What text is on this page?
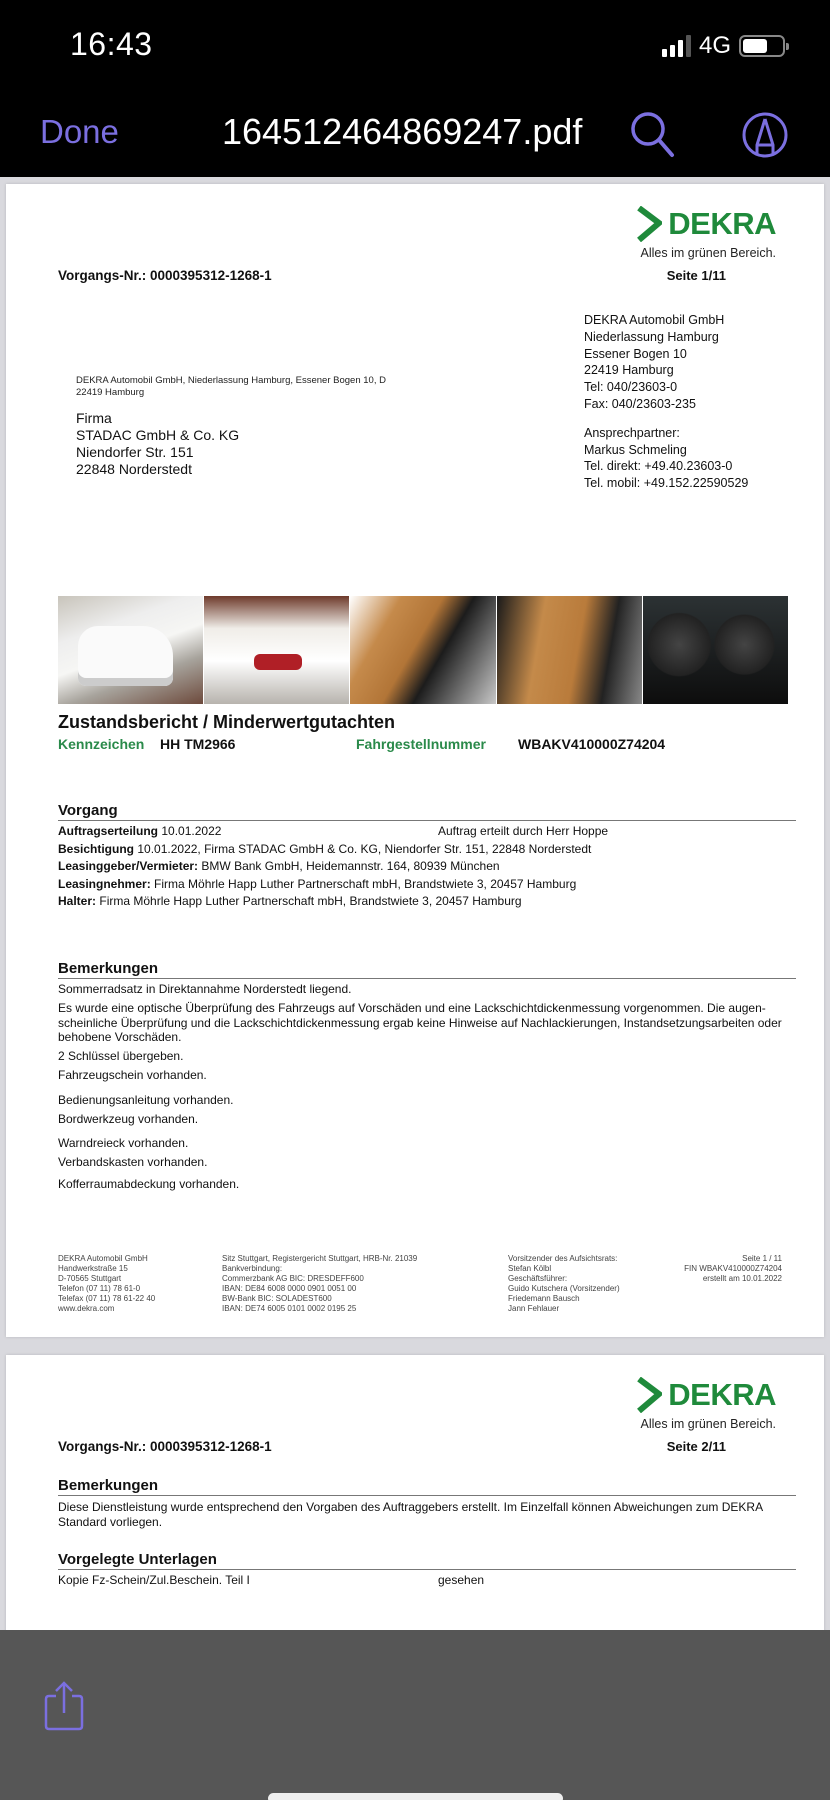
16:43	4G
Done	164512464869247.pdf
DEKRA
Alles im grünen Bereich.
Vorgangs-Nr.: 0000395312-1268-1	Seite 1/11
DEKRA Automobil GmbH
Niederlassung Hamburg
Essener Bogen 10
22419 Hamburg
Tel: 040/23603-0
Fax: 040/23603-235
Ansprechpartner:
Markus Schmeling
Tel. direkt: +49.40.23603-0
Tel. mobil: +49.152.22590529
DEKRA Automobil GmbH, Niederlassung Hamburg, Essener Bogen 10, D 22419 Hamburg
Firma
STADAC GmbH & Co. KG
Niendorfer Str. 151
22848 Norderstedt
Zustandsbericht / Minderwertgutachten
Kennzeichen HH TM2966	Fahrgestellnummer WBAKV410000Z74204
Vorgang
Auftragserteilung 10.01.2022	Auftrag erteilt durch Herr Hoppe
Besichtigung 10.01.2022, Firma STADAC GmbH & Co. KG, Niendorfer Str. 151, 22848 Norderstedt
Leasinggeber/Vermieter: BMW Bank GmbH, Heidemannstr. 164, 80939 München
Leasingnehmer: Firma Möhrle Happ Luther Partnerschaft mbH, Brandstwiete 3, 20457 Hamburg
Halter: Firma Möhrle Happ Luther Partnerschaft mbH, Brandstwiete 3, 20457 Hamburg
Bemerkungen
Sommerradsatz in Direktannahme Norderstedt liegend.
Es wurde eine optische Überprüfung des Fahrzeugs auf Vorschäden und eine Lackschichtdickenmessung vorgenommen. Die augen-scheinliche Überprüfung und die Lackschichtdickenmessung ergab keine Hinweise auf Nachlackierungen, Instandsetzungsarbeiten oder behobene Vorschäden.
2 Schlüssel übergeben.
Fahrzeugschein vorhanden.
Bedienungsanleitung vorhanden.
Bordwerkzeug vorhanden.
Warndreieck vorhanden.
Verbandskasten vorhanden.
Kofferraumabdeckung vorhanden.
DEKRA Automobil GmbH
Handwerkstraße 15
D-70565 Stuttgart
Telefon (07 11) 78 61-0
Telefax (07 11) 78 61-22 40
www.dekra.com
Sitz Stuttgart, Registergericht Stuttgart, HRB-Nr. 21039
Bankverbindung:
Commerzbank AG BIC: DRESDEFF600
IBAN: DE84 6008 0000 0901 0051 00
BW-Bank BIC: SOLADEST600
IBAN: DE74 6005 0101 0002 0195 25
Vorsitzender des Aufsichtsrats:
Stefan Kölbl
Geschäftsführer:
Guido Kutschera (Vorsitzender)
Friedemann Bausch
Jann Fehlauer
Seite 1 / 11
FIN WBAKV410000Z74204
erstellt am 10.01.2022
DEKRA
Alles im grünen Bereich.
Vorgangs-Nr.: 0000395312-1268-1	Seite 2/11
Bemerkungen
Diese Dienstleistung wurde entsprechend den Vorgaben des Auftraggebers erstellt. Im Einzelfall können Abweichungen zum DEKRA Standard vorliegen.
Vorgelegte Unterlagen
Kopie Fz-Schein/Zul.Beschein. Teil I	gesehen
